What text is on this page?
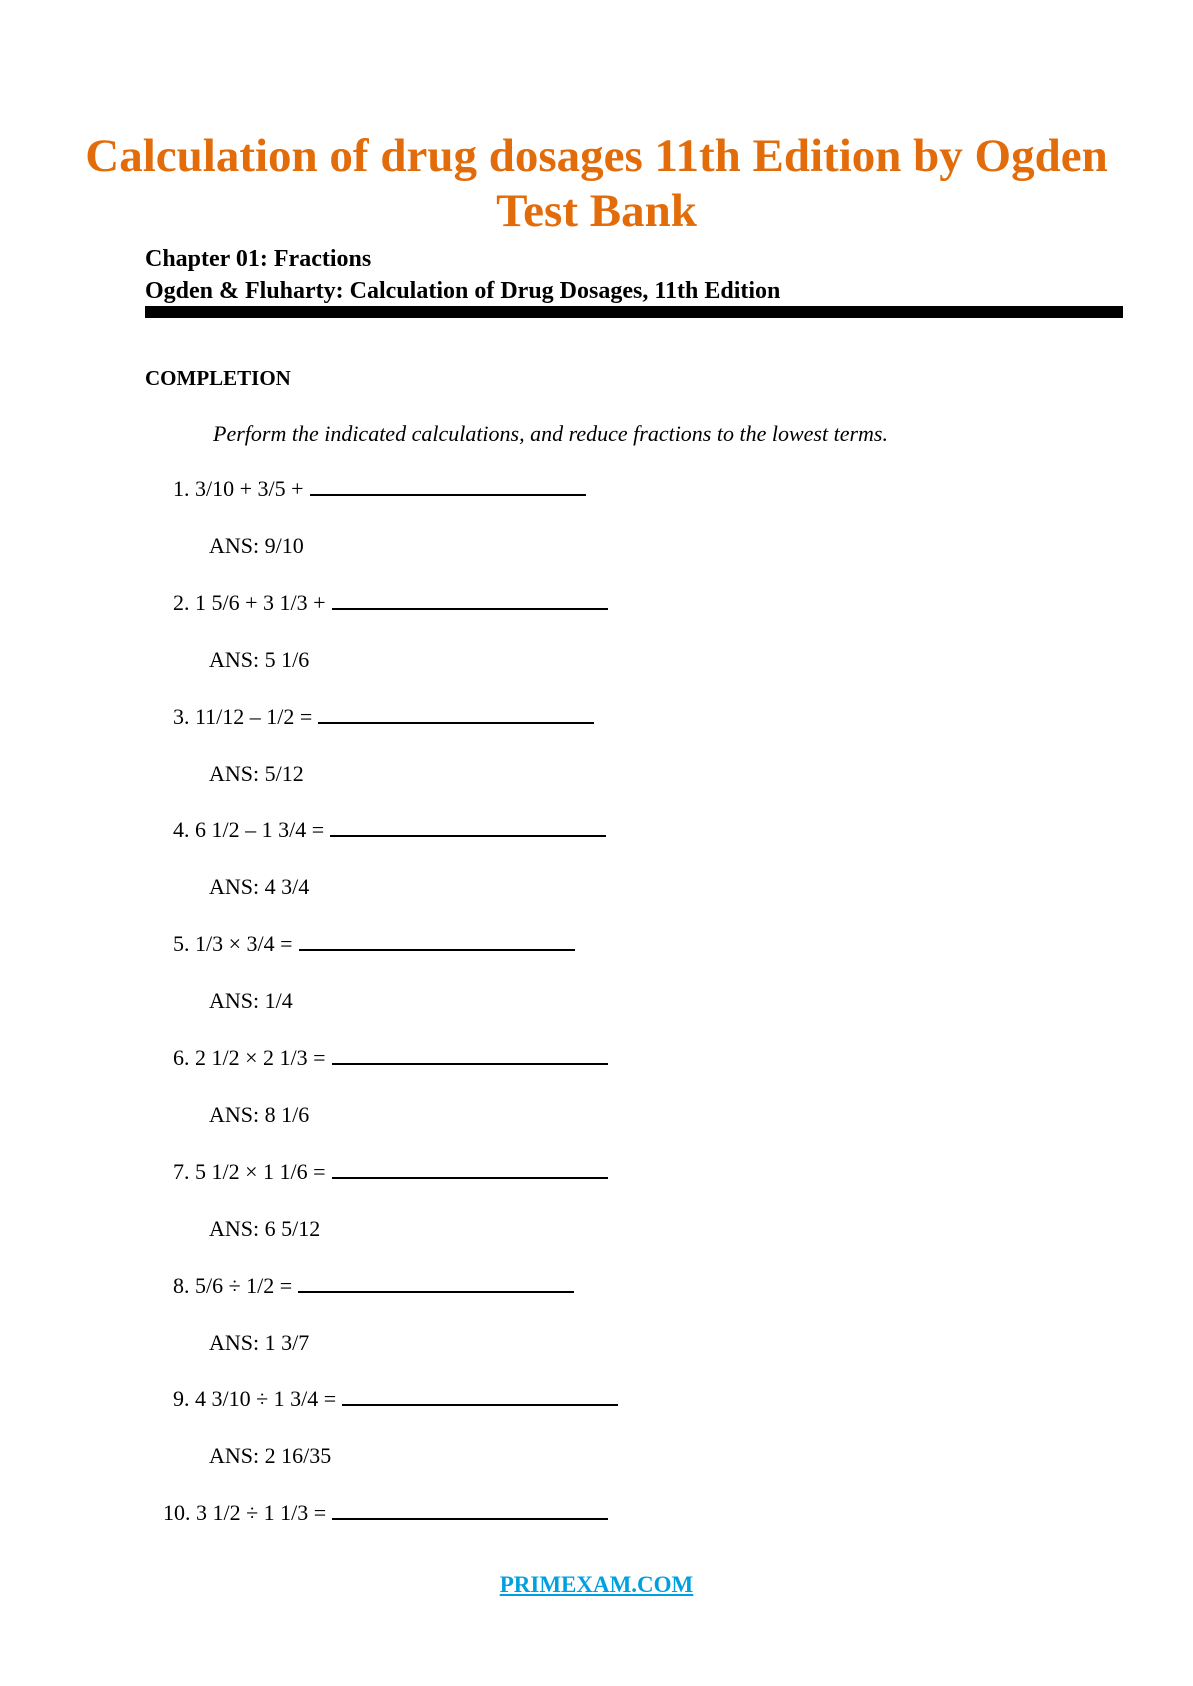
Calculation of drug dosages 11th Edition by Ogden
Test Bank
Chapter 01: Fractions
Ogden & Fluharty: Calculation of Drug Dosages, 11th Edition
COMPLETION
Perform the indicated calculations, and reduce fractions to the lowest terms.
1. 3/10 + 3/5 +
ANS: 9/10
2. 1 5/6 + 3 1/3 +
ANS: 5 1/6
3. 11/12 – 1/2 =
ANS: 5/12
4. 6 1/2 – 1 3/4 =
ANS: 4 3/4
5. 1/3 × 3/4 =
ANS: 1/4
6. 2 1/2 × 2 1/3 =
ANS: 8 1/6
7. 5 1/2 × 1 1/6 =
ANS: 6 5/12
8. 5/6 ÷ 1/2 =
ANS: 1 3/7
9. 4 3/10 ÷ 1 3/4 =
ANS: 2 16/35
10. 3 1/2 ÷ 1 1/3 =
PRIMEXAM.COM
